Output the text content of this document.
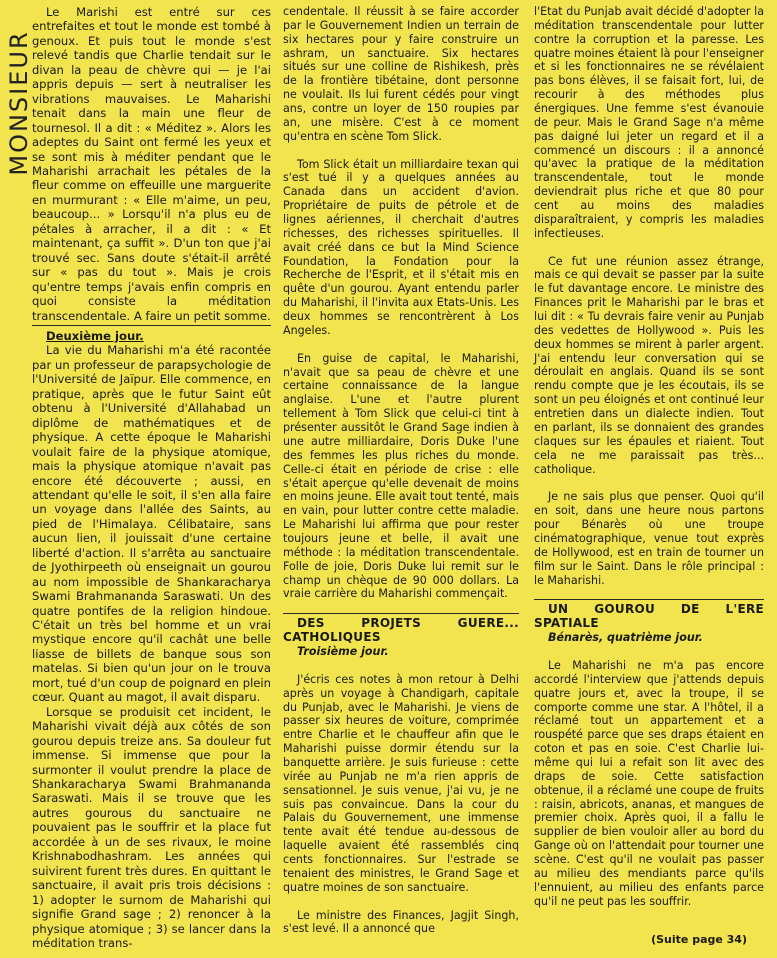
MONSIEUR

Le Marishi est entré sur ces entrefaites et tout le monde est tombé à genoux. Et puis tout le monde s'est relevé tandis que Charlie tendait sur le divan la peau de chèvre qui — je l'ai appris depuis — sert à neutraliser les vibrations mauvaises. Le Maharishi tenait dans la main une fleur de tournesol. Il a dit : « Méditez ». Alors les adeptes du Saint ont fermé les yeux et se sont mis à méditer pendant que le Maharishi arrachait les pétales de la fleur comme on effeuille une marguerite en murmurant : « Elle m'aime, un peu, beaucoup... » Lorsqu'il n'a plus eu de pétales à arracher, il a dit : « Et maintenant, ça suffit ». D'un ton que j'ai trouvé sec. Sans doute s'était-il arrêté sur « pas du tout ». Mais je crois qu'entre temps j'avais enfin compris en quoi consiste la méditation transcendentale. A faire un petit somme.

Deuxième jour.

La vie du Maharishi m'a été racontée par un professeur de parapsychologie de l'Université de Jaïpur. Elle commence, en pratique, après que le futur Saint eût obtenu à l'Université d'Allahabad un diplôme de mathématiques et de physique. A cette époque le Maharishi voulait faire de la physique atomique, mais la physique atomique n'avait pas encore été découverte ; aussi, en attendant qu'elle le soit, il s'en alla faire un voyage dans l'allée des Saints, au pied de l'Himalaya. Célibataire, sans aucun lien, il jouissait d'une certaine liberté d'action. Il s'arrêta au sanctuaire de Jyothirpeeth où enseignait un gourou au nom impossible de Shankaracharya Swami Brahmananda Saraswati. Un des quatre pontifes de la religion hindoue. C'était un très bel homme et un vrai mystique encore qu'il cachât une belle liasse de billets de banque sous son matelas. Si bien qu'un jour on le trouva mort, tué d'un coup de poignard en plein cœur. Quant au magot, il avait disparu.

Lorsque se produisit cet incident, le Maharishi vivait déjà aux côtés de son gourou depuis treize ans. Sa douleur fut immense. Si immense que pour la surmonter il voulut prendre la place de Shankaracharya Swami Brahmananda Saraswati. Mais il se trouve que les autres gourous du sanctuaire ne pouvaient pas le souffrir et la place fut accordée à un de ses rivaux, le moine Krishnabodhashram. Les années qui suivirent furent très dures. En quittant le sanctuaire, il avait pris trois décisions : 1) adopter le surnom de Maharishi qui signifie Grand sage ; 2) renoncer à la physique atomique ; 3) se lancer dans la méditation trans-

cendentale. Il réussit à se faire accorder par le Gouvernement Indien un terrain de six hectares pour y faire construire un ashram, un sanctuaire. Six hectares situés sur une colline de Rishikesh, près de la frontière tibétaine, dont personne ne voulait. Ils lui furent cédés pour vingt ans, contre un loyer de 150 roupies par an, une misère. C'est à ce moment qu'entra en scène Tom Slick.

Tom Slick était un milliardaire texan qui s'est tué il y a quelques années au Canada dans un accident d'avion. Propriétaire de puits de pétrole et de lignes aériennes, il cherchait d'autres richesses, des richesses spirituelles. Il avait créé dans ce but la Mind Science Foundation, la Fondation pour la Recherche de l'Esprit, et il s'était mis en quête d'un gourou. Ayant entendu parler du Maharishi, il l'invita aux Etats-Unis. Les deux hommes se rencontrèrent à Los Angeles.

En guise de capital, le Maharishi, n'avait que sa peau de chèvre et une certaine connaissance de la langue anglaise. L'une et l'autre plurent tellement à Tom Slick que celui-ci tint à présenter aussitôt le Grand Sage indien à une autre milliardaire, Doris Duke l'une des femmes les plus riches du monde. Celle-ci était en période de crise : elle s'était aperçue qu'elle devenait de moins en moins jeune. Elle avait tout tenté, mais en vain, pour lutter contre cette maladie. Le Maharishi lui affirma que pour rester toujours jeune et belle, il avait une méthode : la méditation transcendentale. Folle de joie, Doris Duke lui remit sur le champ un chèque de 90 000 dollars. La vraie carrière du Maharishi commençait.

DES PROJETS GUERE... CATHOLIQUES

Troisième jour.

J'écris ces notes à mon retour à Delhi après un voyage à Chandigarh, capitale du Punjab, avec le Maharishi. Je viens de passer six heures de voiture, comprimée entre Charlie et le chauffeur afin que le Maharishi puisse dormir étendu sur la banquette arrière. Je suis furieuse : cette virée au Punjab ne m'a rien appris de sensationnel. Je suis venue, j'ai vu, je ne suis pas convaincue. Dans la cour du Palais du Gouvernement, une immense tente avait été tendue au-dessous de laquelle avaient été rassemblés cinq cents fonctionnaires. Sur l'estrade se tenaient des ministres, le Grand Sage et quatre moines de son sanctuaire.

Le ministre des Finances, Jagjit Singh, s'est levé. Il a annoncé que

l'Etat du Punjab avait décidé d'adopter la méditation transcendentale pour lutter contre la corruption et la paresse. Les quatre moines étaient là pour l'enseigner et si les fonctionnaires ne se révélaient pas bons élèves, il se faisait fort, lui, de recourir à des méthodes plus énergiques. Une femme s'est évanouie de peur. Mais le Grand Sage n'a même pas daigné lui jeter un regard et il a commencé un discours : il a annoncé qu'avec la pratique de la méditation transcendentale, tout le monde deviendrait plus riche et que 80 pour cent au moins des maladies disparaîtraient, y compris les maladies infectieuses.

Ce fut une réunion assez étrange, mais ce qui devait se passer par la suite le fut davantage encore. Le ministre des Finances prit le Maharishi par le bras et lui dit : « Tu devrais faire venir au Punjab des vedettes de Hollywood ». Puis les deux hommes se mirent à parler argent. J'ai entendu leur conversation qui se déroulait en anglais. Quand ils se sont rendu compte que je les écoutais, ils se sont un peu éloignés et ont continué leur entretien dans un dialecte indien. Tout en parlant, ils se donnaient des grandes claques sur les épaules et riaient. Tout cela ne me paraissait pas très... catholique.

Je ne sais plus que penser. Quoi qu'il en soit, dans une heure nous partons pour Bénarès où une troupe cinématographique, venue tout exprès de Hollywood, est en train de tourner un film sur le Saint. Dans le rôle principal : le Maharishi.

UN GOUROU DE L'ERE SPATIALE

Bénarès, quatrième jour.

Le Maharishi ne m'a pas encore accordé l'interview que j'attends depuis quatre jours et, avec la troupe, il se comporte comme une star. A l'hôtel, il a réclamé tout un appartement et a rouspété parce que ses draps étaient en coton et pas en soie. C'est Charlie lui-même qui lui a refait son lit avec des draps de soie. Cette satisfaction obtenue, il a réclamé une coupe de fruits : raisin, abricots, ananas, et mangues de premier choix. Après quoi, il a fallu le supplier de bien vouloir aller au bord du Gange où on l'attendait pour tourner une scène. C'est qu'il ne voulait pas passer au milieu des mendiants parce qu'ils l'ennuient, au milieu des enfants parce qu'il ne peut pas les souffrir.

(Suite page 34)
